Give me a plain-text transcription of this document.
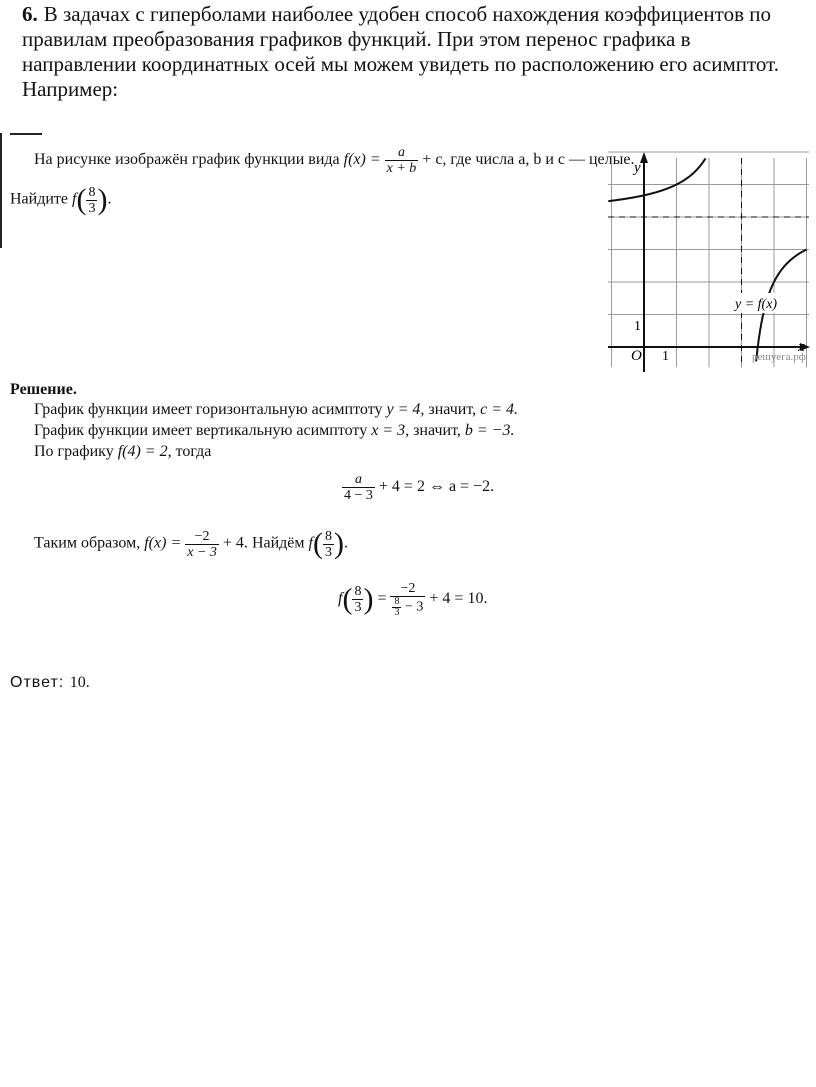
6. В задачах с гиперболами наиболее удобен способ нахождения коэффициентов по правилам преобразования графиков функций. При этом перенос графика в направлении координатных осей мы можем увидеть по расположению его асимптот. Например:
На рисунке изображён график функции вида $f(x) = \frac{a}{x + b} + c$, где числа a, b и c — целые.
Найдите $f( \frac{8}{3}$ ).
y = f(x)
y
x
O 1
1
решуега.рф
Решение.
График функции имеет горизонтальную асимптоту y = 4, значит, c = 4.
График функции имеет вертикальную асимптоту x = 3, значит, b = −3.
По графику f(4) = 2, тогда
$\frac{a}{4 - 3} + 4 = 2$ ⇔ a = −2.
Таким образом, $f(x) = \frac{-2}{x - 3} + 4$. Найдём $f( \frac{8}{3}$ ).
$f( \frac{8}{3}$ ) = $\frac{-2}{\frac{8}{3} - 3} + 4 = 10$.
Ответ: 10.
